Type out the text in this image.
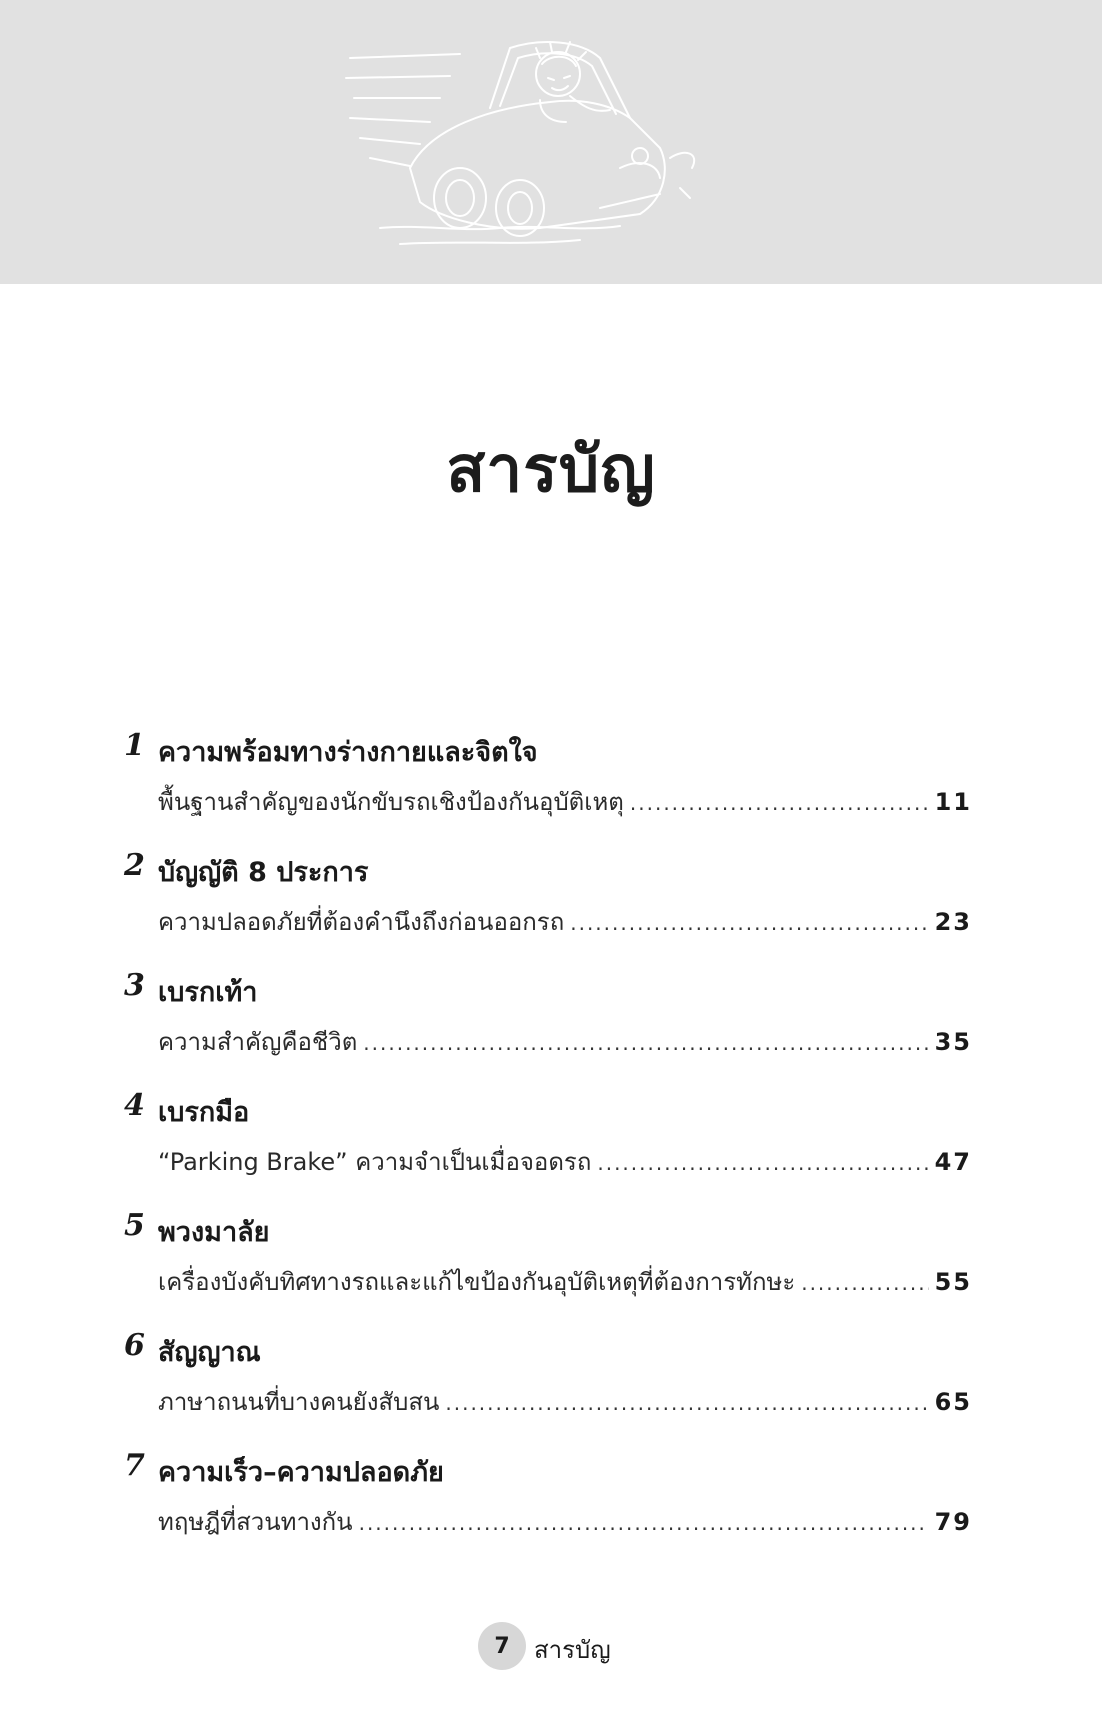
สารบัญ
1 ความพร้อมทางร่างกายและจิตใจ
พื้นฐานสำคัญของนักขับรถเชิงป้องกันอุบัติเหตุ .....	11
2 บัญญัติ 8 ประการ
ความปลอดภัยที่ต้องคำนึงถึงก่อนออกรถ .....	23
3 เบรกเท้า
ความสำคัญคือชีวิต .....	35
4 เบรกมือ
“Parking Brake” ความจำเป็นเมื่อจอดรถ .....	47
5 พวงมาลัย
เครื่องบังคับทิศทางรถและแก้ไขป้องกันอุบัติเหตุที่ต้องการทักษะ .....	55
6 สัญญาณ
ภาษาถนนที่บางคนยังสับสน .....	65
7 ความเร็ว–ความปลอดภัย
ทฤษฎีที่สวนทางกัน .....	79
7	สารบัญ
